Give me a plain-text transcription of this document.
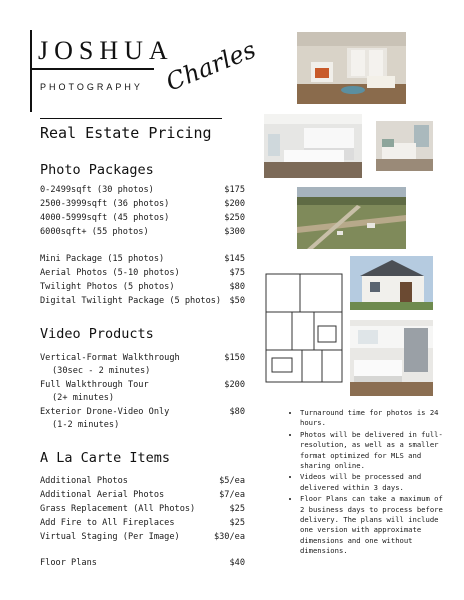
JOSHUA
PHOTOGRAPHY Charles
Real Estate Pricing
Photo Packages
0-2499sqft (30 photos)	$175
2500-3999sqft (36 photos)	$200
4000-5999sqft (45 photos)	$250
6000sqft+ (55 photos)	$300
Mini Package (15 photos)	$145
Aerial Photos (5-10 photos)	$75
Twilight Photos (5 photos)	$80
Digital Twilight Package (5 photos) $50
Video Products
Vertical-Format Walkthrough	$150
(30sec - 2 minutes)
Full Walkthrough Tour	$200
(2+ minutes)
Exterior Drone-Video Only	$80
(1-2 minutes)
A La Carte Items
Additional Photos	$5/ea
Additional Aerial Photos	$7/ea
Grass Replacement (All Photos)	$25
Add Fire to All Fireplaces	$25
Virtual Staging (Per Image)	$30/ea
Floor Plans	$40
• Turnaround time for photos is 24 hours.
• Photos will be delivered in full-resolution, as well as a smaller format optimized for MLS and sharing online.
• Videos will be processed and delivered within 3 days.
• Floor Plans can take a maximum of 2 business days to process before delivery. The plans will include one version with approximate dimensions and one without dimensions.
